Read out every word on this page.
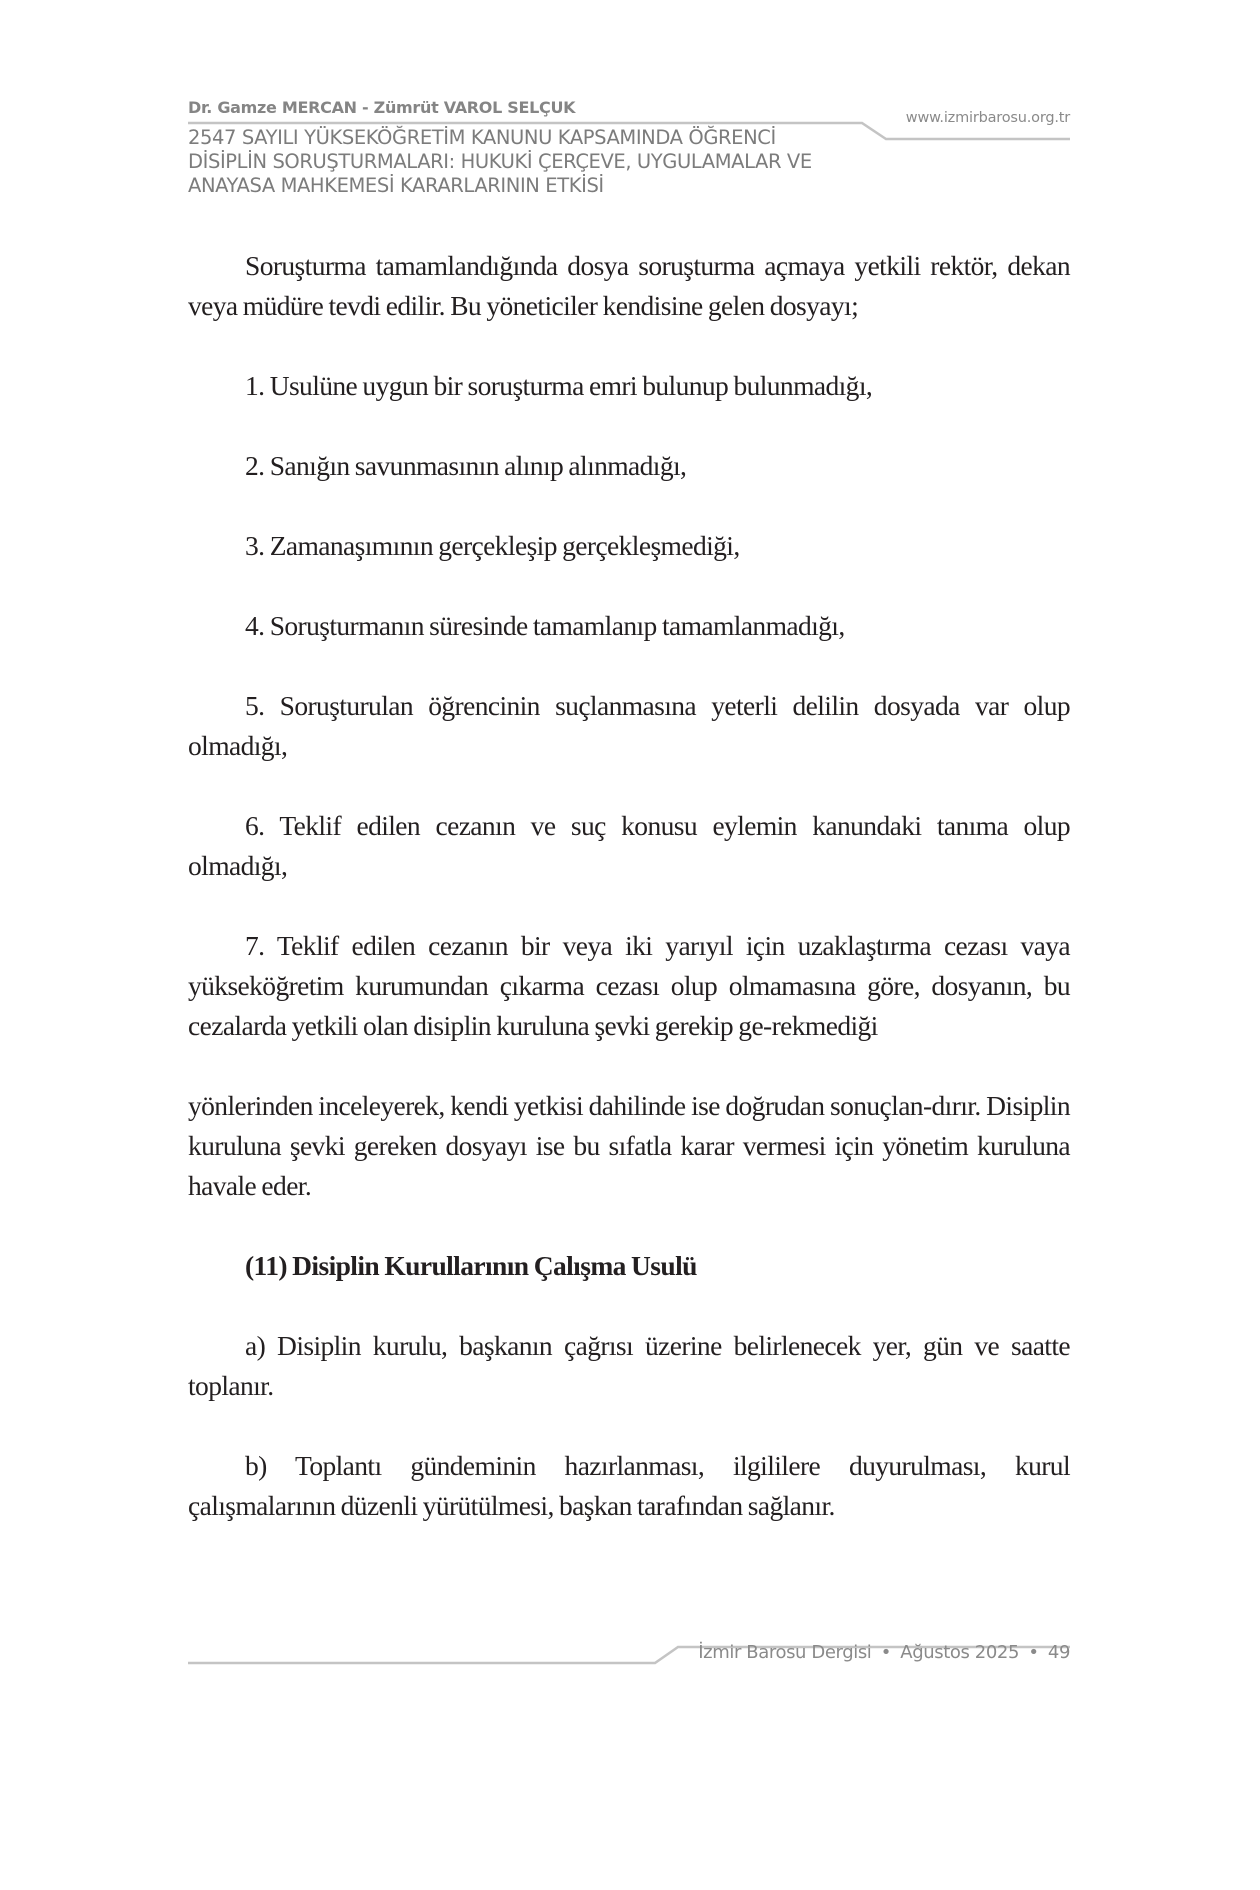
Dr. Gamze MERCAN - Zümrüt VAROL SELÇUK
www.izmirbarosu.org.tr
2547 SAYILI YÜKSEKÖĞRETİM KANUNU KAPSAMINDA ÖĞRENCİ
DİSİPLİN SORUŞTURMALARI: HUKUKİ ÇERÇEVE, UYGULAMALAR VE
ANAYASA MAHKEMESİ KARARLARININ ETKİSİ

Soruşturma tamamlandığında dosya soruşturma açmaya yetkili rektör, dekan veya müdüre tevdi edilir. Bu yöneticiler kendisine gelen dosyayı;

1. Usulüne uygun bir soruşturma emri bulunup bulunmadığı,

2. Sanığın savunmasının alınıp alınmadığı,

3. Zamanaşımının gerçekleşip gerçekleşmediği,

4. Soruşturmanın süresinde tamamlanıp tamamlanmadığı,

5. Soruşturulan öğrencinin suçlanmasına yeterli delilin dosyada var olup olmadığı,

6. Teklif edilen cezanın ve suç konusu eylemin kanundaki tanıma olup olmadığı,

7. Teklif edilen cezanın bir veya iki yarıyıl için uzaklaştırma cezası vaya yükseköğretim kurumundan çıkarma cezası olup olmamasına göre, dosyanın, bu cezalarda yetkili olan disiplin kuruluna şevki gerekip ge-rekmediği

yönlerinden inceleyerek, kendi yetkisi dahilinde ise doğrudan sonuçlan-dırır. Disiplin kuruluna şevki gereken dosyayı ise bu sıfatla karar vermesi için yönetim kuruluna havale eder.

(11) Disiplin Kurullarının Çalışma Usulü

a) Disiplin kurulu, başkanın çağrısı üzerine belirlenecek yer, gün ve saatte toplanır.

b) Toplantı gündeminin hazırlanması, ilgililere duyurulması, kurul çalışmalarının düzenli yürütülmesi, başkan tarafından sağlanır.

İzmir Barosu Dergisi • Ağustos 2025 • 49
